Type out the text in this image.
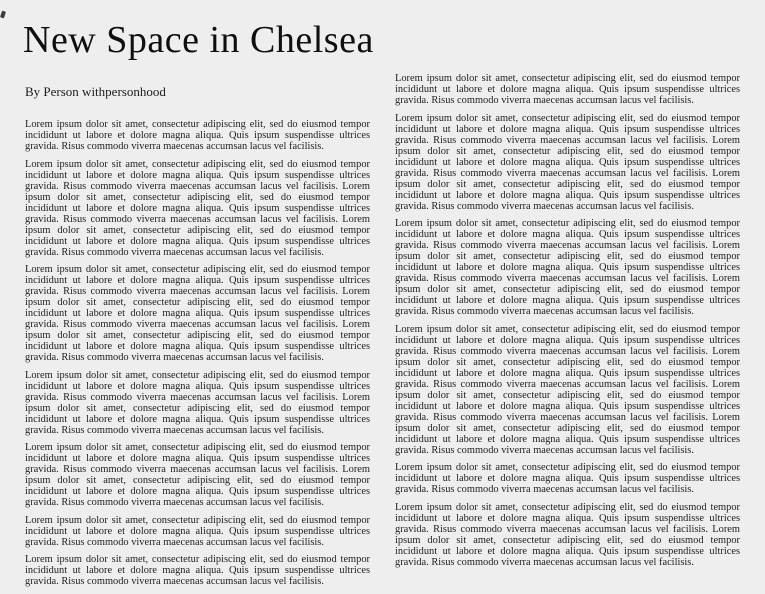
New Space in Chelsea
By Person withpersonhood

Lorem ipsum dolor sit amet, consectetur adipiscing elit, sed do eiusmod tempor incididunt ut labore et dolore magna aliqua. Quis ipsum suspendisse ultrices gravida. Risus commodo viverra maecenas accumsan lacus vel facilisis.

Lorem ipsum dolor sit amet, consectetur adipiscing elit, sed do eiusmod tempor incididunt ut labore et dolore magna aliqua. Quis ipsum suspendisse ultrices gravida. Risus commodo viverra maecenas accumsan lacus vel facilisis. Lorem ipsum dolor sit amet, consectetur adipiscing elit, sed do eiusmod tempor incididunt ut labore et dolore magna aliqua. Quis ipsum suspendisse ultrices gravida. Risus commodo viverra maecenas accumsan lacus vel facilisis. Lorem ipsum dolor sit amet, consectetur adipiscing elit, sed do eiusmod tempor incididunt ut labore et dolore magna aliqua. Quis ipsum suspendisse ultrices gravida. Risus commodo viverra maecenas accumsan lacus vel facilisis.

Lorem ipsum dolor sit amet, consectetur adipiscing elit, sed do eiusmod tempor incididunt ut labore et dolore magna aliqua. Quis ipsum suspendisse ultrices gravida. Risus commodo viverra maecenas accumsan lacus vel facilisis. Lorem ipsum dolor sit amet, consectetur adipiscing elit, sed do eiusmod tempor incididunt ut labore et dolore magna aliqua. Quis ipsum suspendisse ultrices gravida. Risus commodo viverra maecenas accumsan lacus vel facilisis. Lorem ipsum dolor sit amet, consectetur adipiscing elit, sed do eiusmod tempor incididunt ut labore et dolore magna aliqua. Quis ipsum suspendisse ultrices gravida. Risus commodo viverra maecenas accumsan lacus vel facilisis.

Lorem ipsum dolor sit amet, consectetur adipiscing elit, sed do eiusmod tempor incididunt ut labore et dolore magna aliqua. Quis ipsum suspendisse ultrices gravida. Risus commodo viverra maecenas accumsan lacus vel facilisis. Lorem ipsum dolor sit amet, consectetur adipiscing elit, sed do eiusmod tempor incididunt ut labore et dolore magna aliqua. Quis ipsum suspendisse ultrices gravida. Risus commodo viverra maecenas accumsan lacus vel facilisis.

Lorem ipsum dolor sit amet, consectetur adipiscing elit, sed do eiusmod tempor incididunt ut labore et dolore magna aliqua. Quis ipsum suspendisse ultrices gravida. Risus commodo viverra maecenas accumsan lacus vel facilisis. Lorem ipsum dolor sit amet, consectetur adipiscing elit, sed do eiusmod tempor incididunt ut labore et dolore magna aliqua. Quis ipsum suspendisse ultrices gravida. Risus commodo viverra maecenas accumsan lacus vel facilisis.

Lorem ipsum dolor sit amet, consectetur adipiscing elit, sed do eiusmod tempor incididunt ut labore et dolore magna aliqua. Quis ipsum suspendisse ultrices gravida. Risus commodo viverra maecenas accumsan lacus vel facilisis.

Lorem ipsum dolor sit amet, consectetur adipiscing elit, sed do eiusmod tempor incididunt ut labore et dolore magna aliqua. Quis ipsum suspendisse ultrices gravida. Risus commodo viverra maecenas accumsan lacus vel facilisis.

Lorem ipsum dolor sit amet, consectetur adipiscing elit, sed do eiusmod tempor incididunt ut labore et dolore magna aliqua. Quis ipsum suspendisse ultrices gravida. Risus commodo viverra maecenas accumsan lacus vel facilisis.

Lorem ipsum dolor sit amet, consectetur adipiscing elit, sed do eiusmod tempor incididunt ut labore et dolore magna aliqua. Quis ipsum suspendisse ultrices gravida. Risus commodo viverra maecenas accumsan lacus vel facilisis. Lorem ipsum dolor sit amet, consectetur adipiscing elit, sed do eiusmod tempor incididunt ut labore et dolore magna aliqua. Quis ipsum suspendisse ultrices gravida. Risus commodo viverra maecenas accumsan lacus vel facilisis. Lorem ipsum dolor sit amet, consectetur adipiscing elit, sed do eiusmod tempor incididunt ut labore et dolore magna aliqua. Quis ipsum suspendisse ultrices gravida. Risus commodo viverra maecenas accumsan lacus vel facilisis.

Lorem ipsum dolor sit amet, consectetur adipiscing elit, sed do eiusmod tempor incididunt ut labore et dolore magna aliqua. Quis ipsum suspendisse ultrices gravida. Risus commodo viverra maecenas accumsan lacus vel facilisis. Lorem ipsum dolor sit amet, consectetur adipiscing elit, sed do eiusmod tempor incididunt ut labore et dolore magna aliqua. Quis ipsum suspendisse ultrices gravida. Risus commodo viverra maecenas accumsan lacus vel facilisis. Lorem ipsum dolor sit amet, consectetur adipiscing elit, sed do eiusmod tempor incididunt ut labore et dolore magna aliqua. Quis ipsum suspendisse ultrices gravida. Risus commodo viverra maecenas accumsan lacus vel facilisis.

Lorem ipsum dolor sit amet, consectetur adipiscing elit, sed do eiusmod tempor incididunt ut labore et dolore magna aliqua. Quis ipsum suspendisse ultrices gravida. Risus commodo viverra maecenas accumsan lacus vel facilisis. Lorem ipsum dolor sit amet, consectetur adipiscing elit, sed do eiusmod tempor incididunt ut labore et dolore magna aliqua. Quis ipsum suspendisse ultrices gravida. Risus commodo viverra maecenas accumsan lacus vel facilisis. Lorem ipsum dolor sit amet, consectetur adipiscing elit, sed do eiusmod tempor incididunt ut labore et dolore magna aliqua. Quis ipsum suspendisse ultrices gravida. Risus commodo viverra maecenas accumsan lacus vel facilisis. Lorem ipsum dolor sit amet, consectetur adipiscing elit, sed do eiusmod tempor incididunt ut labore et dolore magna aliqua. Quis ipsum suspendisse ultrices gravida. Risus commodo viverra maecenas accumsan lacus vel facilisis.

Lorem ipsum dolor sit amet, consectetur adipiscing elit, sed do eiusmod tempor incididunt ut labore et dolore magna aliqua. Quis ipsum suspendisse ultrices gravida. Risus commodo viverra maecenas accumsan lacus vel facilisis.

Lorem ipsum dolor sit amet, consectetur adipiscing elit, sed do eiusmod tempor incididunt ut labore et dolore magna aliqua. Quis ipsum suspendisse ultrices gravida. Risus commodo viverra maecenas accumsan lacus vel facilisis. Lorem ipsum dolor sit amet, consectetur adipiscing elit, sed do eiusmod tempor incididunt ut labore et dolore magna aliqua. Quis ipsum suspendisse ultrices gravida. Risus commodo viverra maecenas accumsan lacus vel facilisis.
